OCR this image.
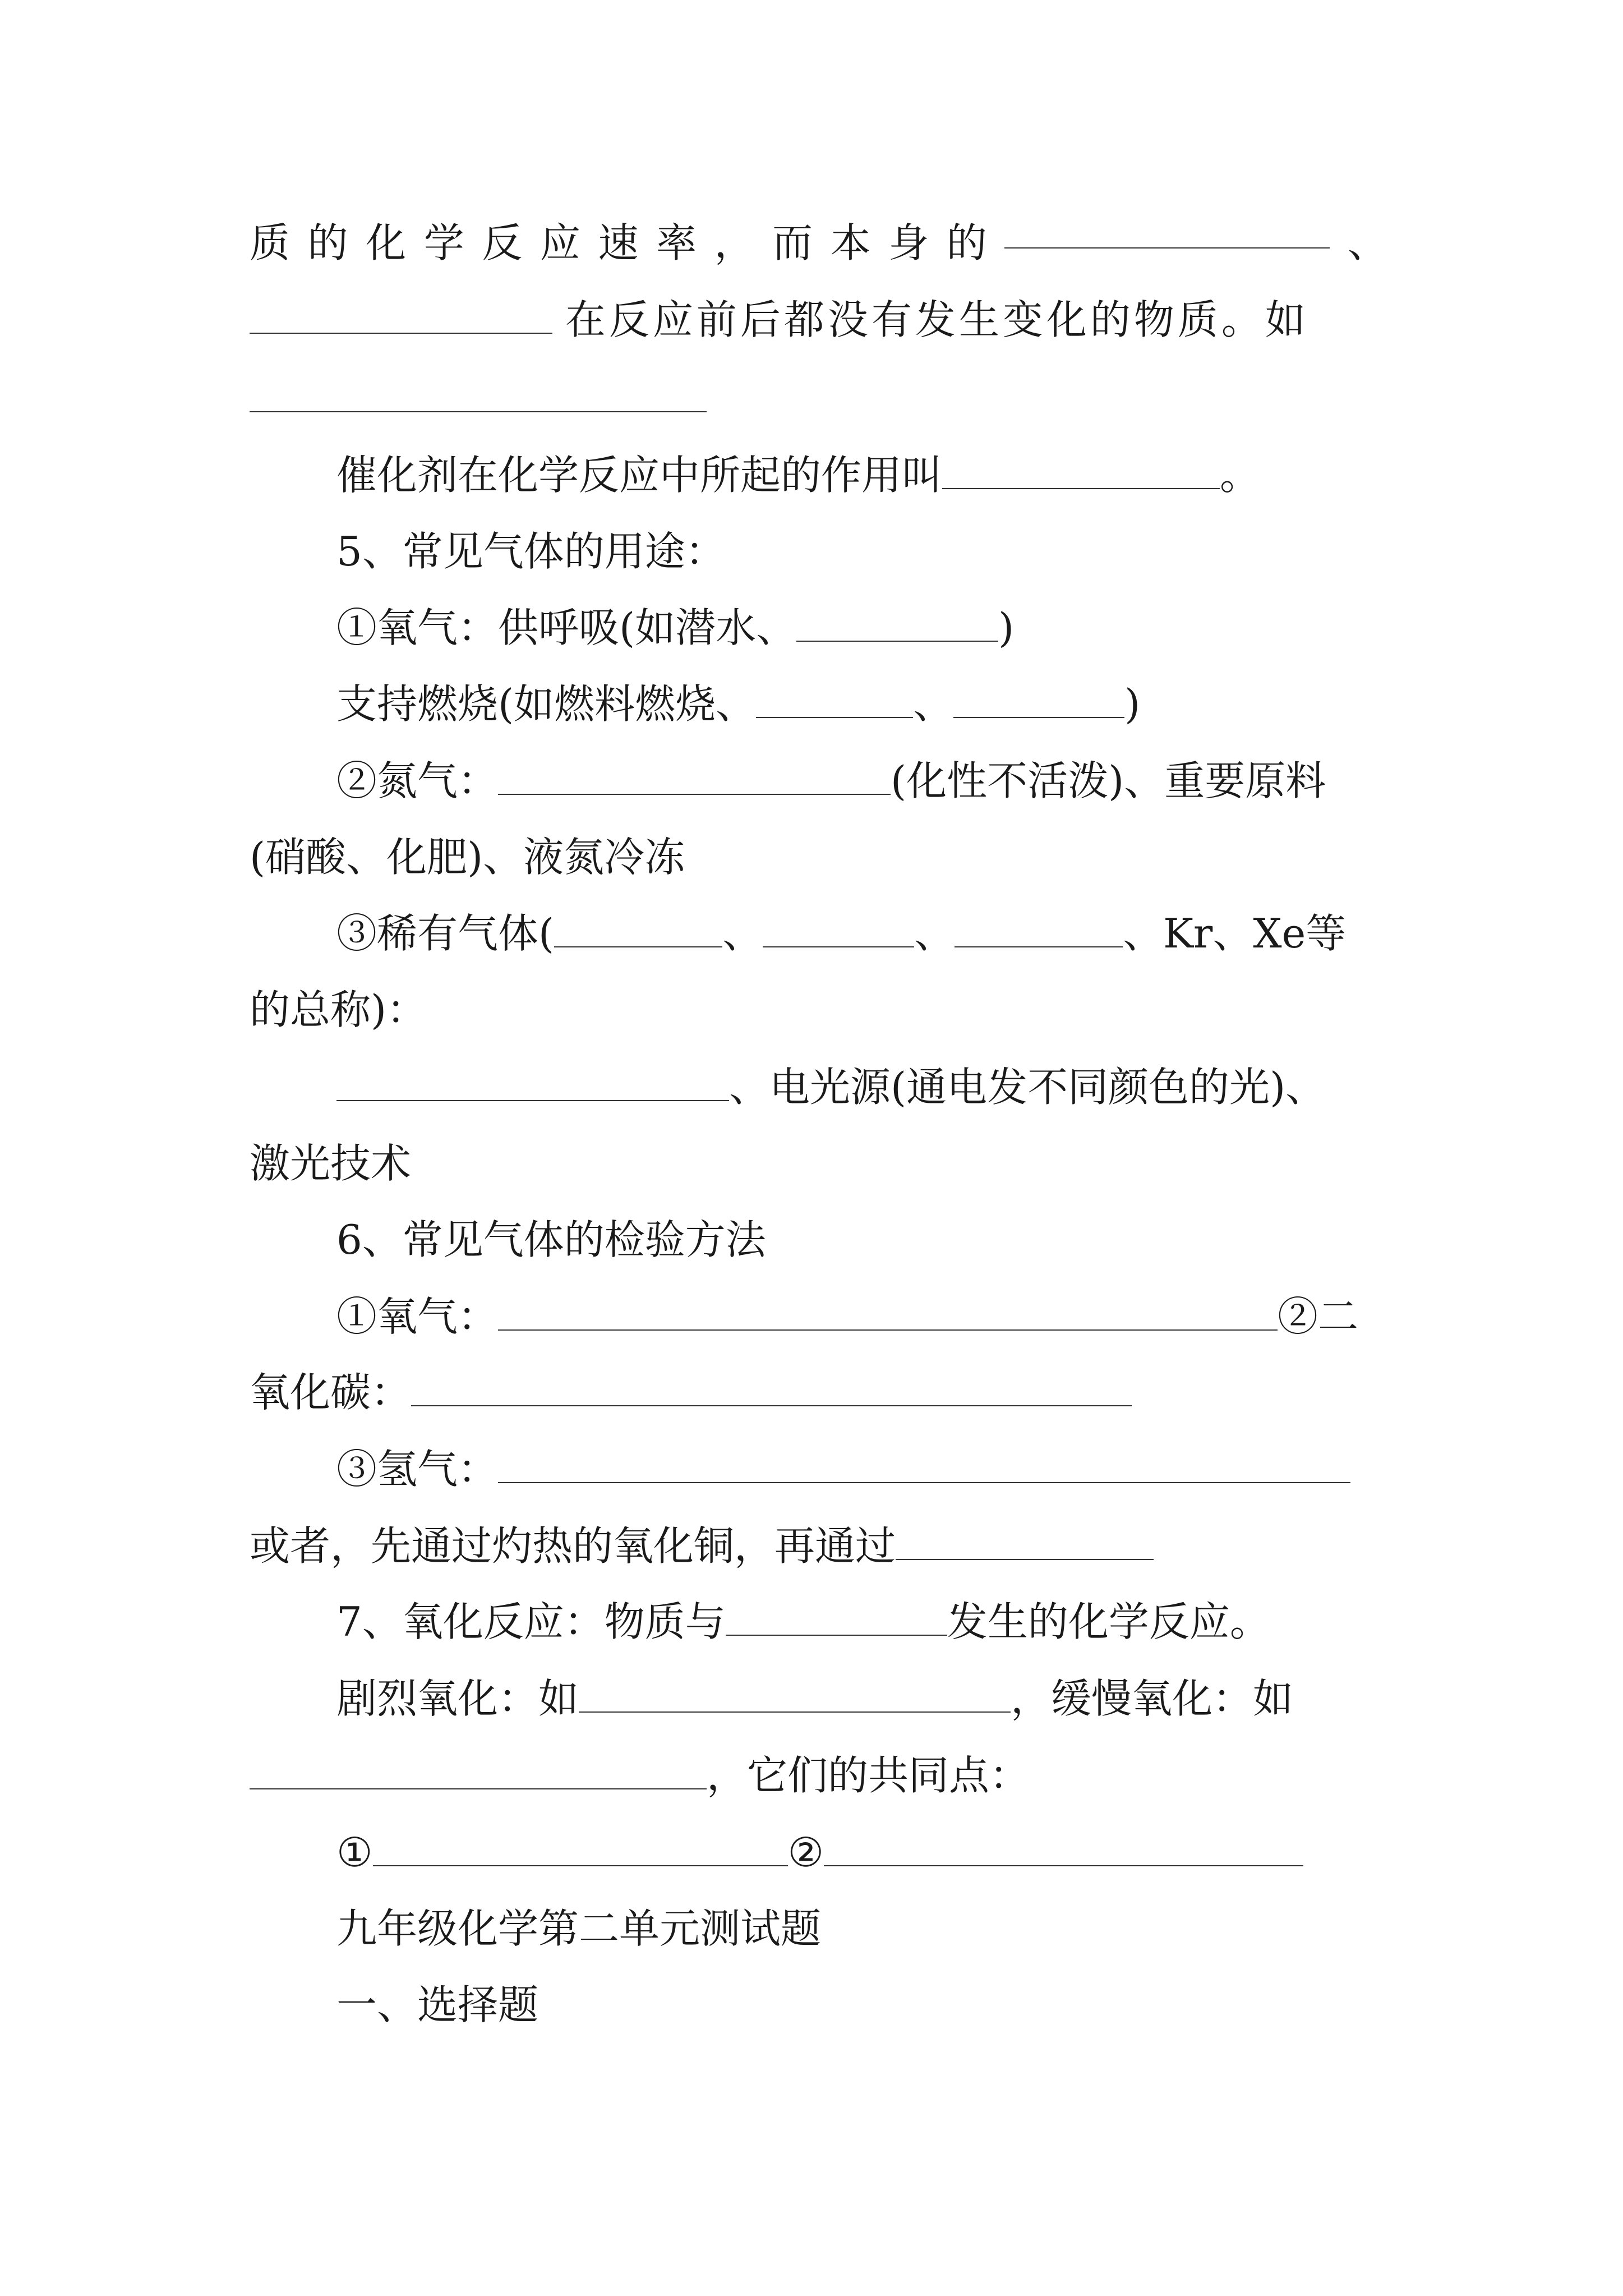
质 的 化 学 反 应 速 率 ， 而 本 身 的	、
在反应前后都没有发生变化的物质。如
催化剂在化学反应中所起的作用叫	。
5、常见气体的用途：
①氧气：供呼吸(如潜水、	)
支持燃烧(如燃料燃烧、	、	)
②氮气：	(化性不活泼)、重要原料
(硝酸、化肥)、液氮冷冻
③稀有气体(	、	、	、Kr、Xe等
的总称)：
、电光源(通电发不同颜色的光)、
激光技术
6、常见气体的检验方法
①氧气：	②二
氧化碳：
③氢气：
或者，先通过灼热的氧化铜，再通过
7、氧化反应：物质与	发生的化学反应。
剧烈氧化：如	，缓慢氧化：如
，它们的共同点：
①	②
九年级化学第二单元测试题
一、选择题
